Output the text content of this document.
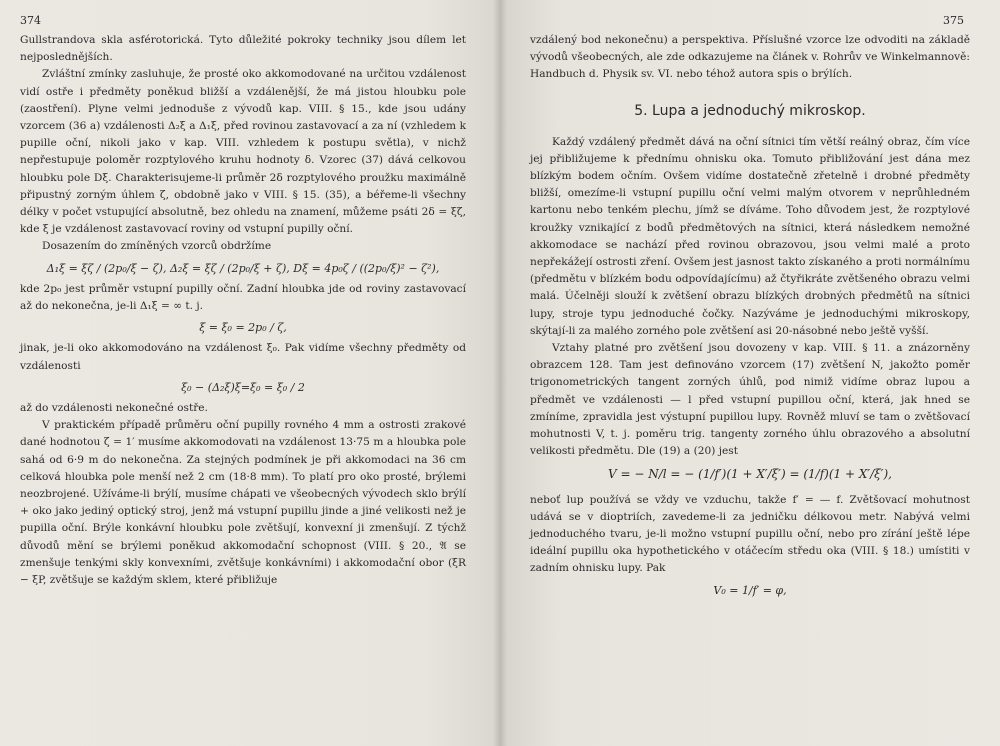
374

Gullstrandova skla asférotorická. Tyto důležité pokroky techniky jsou dílem let nejposlednějších.

Zvláštní zmínky zasluhuje, že prosté oko akkomodované na určitou vzdálenost vidí ostře i předměty poněkud bližší a vzdálenější, že má jistou hloubku pole (zaostření). Plyne velmi jednoduše z vývodů kap. VIII. § 15., kde jsou udány vzorcem (36 a) vzdálenosti Δ₂ξ a Δ₁ξ, před rovinou zastavovací a za ní (vzhledem k pupille oční, nikoli jako v kap. VIII. vzhledem k postupu světla), v nichž nepřestupuje poloměr rozptylového kruhu hodnoty δ. Vzorec (37) dává celkovou hloubku pole Dξ. Charakterisujeme-li průměr 2δ rozptylového proužku maximálně připustný zorným úhlem ζ, obdobně jako v VIII. § 15. (35), a béřeme-li všechny délky v počet vstupující absolutně, bez ohledu na znamení, můžeme psáti 2δ = ξζ, kde ξ je vzdálenost zastavovací roviny od vstupní pupilly oční.

Dosazením do zmíněných vzorců obdržíme

Δ₁ξ = ξζ / (2p₀/ξ − ζ), Δ₂ξ = ξζ / (2p₀/ξ + ζ), Dξ = 4p₀ζ / ((2p₀/ξ)² − ζ²),

kde 2p₀ jest průměr vstupní pupilly oční. Zadní hloubka jde od roviny zastavovací až do nekonečna, je-li Δ₁ξ = ∞ t. j.

ξ = ξ₀ = 2p₀ / ζ,

jinak, je-li oko akkomodováno na vzdálenost ξ₀. Pak vidíme všechny předměty od vzdálenosti

ξ₀ − (Δ₂ξ)ξ=ξ₀ = ξ₀ / 2

až do vzdálenosti nekonečné ostře.

V praktickém případě průměru oční pupilly rovného 4 mm a ostrosti zrakové dané hodnotou ζ = 1′ musíme akkomodovati na vzdálenost 13·75 m a hloubka pole sahá od 6·9 m do nekonečna. Za stejných podmínek je při akkomodaci na 36 cm celková hloubka pole menší než 2 cm (18·8 mm). To platí pro oko prosté, brýlemi neozbrojené. Užíváme-li brýlí, musíme chápati ve všeobecných vývodech sklo brýlí + oko jako jediný optický stroj, jenž má vstupní pupillu jinde a jiné velikosti než je pupilla oční. Brýle konkávní hloubku pole zvětšují, konvexní ji zmenšují. Z týchž důvodů mění se brýlemi poněkud akkomodační schopnost (VIII. § 20., 𝔄 se zmenšuje tenkými skly konvexními, zvětšuje konkávními) i akkomodační obor (ξR − ξP, zvětšuje se každým sklem, které přibližuje

375

vzdálený bod nekonečnu) a perspektiva. Příslušné vzorce lze odvoditi na základě vývodů všeobecných, ale zde odkazujeme na článek v. Rohrův ve Winkelmannově: Handbuch d. Physik sv. VI. nebo téhož autora spis o brýlích.

5. Lupa a jednoduchý mikroskop.

Každý vzdálený předmět dává na oční sítnici tím větší reálný obraz, čím více jej přibližujeme k přednímu ohnisku oka. Tomuto přibližování jest dána mez blízkým bodem očním. Ovšem vidíme dostatečně zřetelně i drobné předměty bližší, omezíme-li vstupní pupillu oční velmi malým otvorem v neprůhledném kartonu nebo tenkém plechu, jímž se díváme. Toho důvodem jest, že rozptylové kroužky vznikající z bodů předmětových na sítnici, která následkem nemožné akkomodace se nachází před rovinou obrazovou, jsou velmi malé a proto nepřekážejí ostrosti zření. Ovšem jest jasnost takto získaného a proti normálnímu (předmětu v blízkém bodu odpovídajícímu) až čtyřikráte zvětšeného obrazu velmi malá. Účelněji slouží k zvětšení obrazu blízkých drobných předmětů na sítnici lupy, stroje typu jednoduché čočky. Nazýváme je jednoduchými mikroskopy, skýtají-li za malého zorného pole zvětšení asi 20-násobné nebo ještě vyšší.

Vztahy platné pro zvětšení jsou dovozeny v kap. VIII. § 11. a znázorněny obrazcem 128. Tam jest definováno vzorcem (17) zvětšení N, jakožto poměr trigonometrických tangent zorných úhlů, pod nimiž vidíme obraz lupou a předmět ve vzdálenosti — l před vstupní pupillou oční, která, jak hned se zmíníme, zpravidla jest výstupní pupillou lupy. Rovněž mluví se tam o zvětšovací mohutnosti V, t. j. poměru trig. tangenty zorného úhlu obrazového a absolutní velikosti předmětu. Dle (19) a (20) jest

V = − N/l = − (1/f′)(1 + X′/ξ′) = (1/f)(1 + X′/ξ′),

neboť lup používá se vždy ve vzduchu, takže f′ = — f. Zvětšovací mohutnost udává se v dioptriích, zavedeme-li za jedničku délkovou metr. Nabývá velmi jednoduchého tvaru, je-li možno vstupní pupillu oční, nebo pro zírání ještě lépe ideální pupillu oka hypothetického v otáčecím středu oka (VIII. § 18.) umístiti v zadním ohnisku lupy. Pak

V₀ = 1/f′ = φ,
